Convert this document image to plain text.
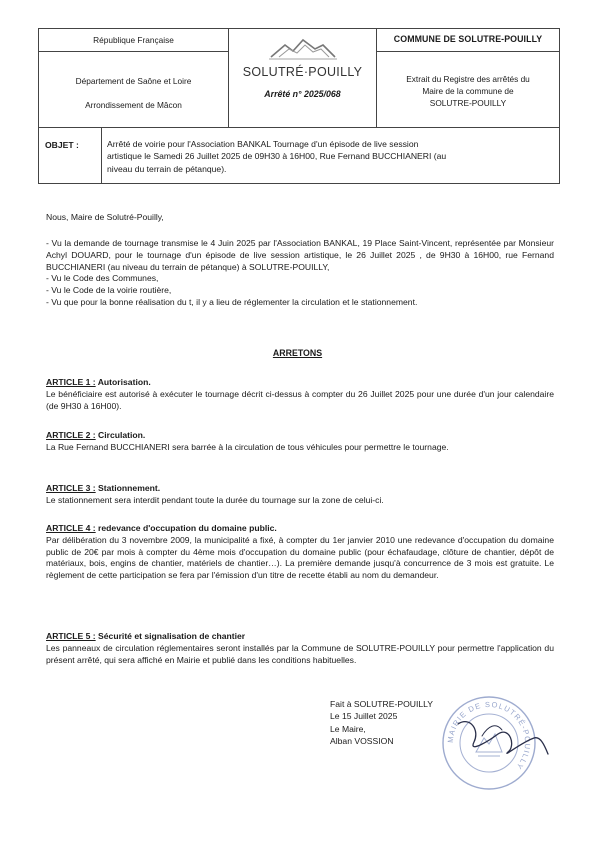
République Française
Département de Saône et Loire
Arrondissement de Mâcon
SOLUTRÉ·POUILLY
Arrêté n° 2025/068
COMMUNE DE SOLUTRE-POUILLY
Extrait du Registre des arrêtés du
Maire de la commune de
SOLUTRE-POUILLY
OBJET :	Arrêté de voirie pour l'Association BANKAL Tournage d'un épisode de live session
artistique le Samedi 26 Juillet 2025 de 09H30 à 16H00, Rue Fernand BUCCHIANERI (au
niveau du terrain de pétanque).
Nous, Maire de Solutré-Pouilly,

- Vu la demande de tournage transmise le 4 Juin 2025 par l'Association BANKAL, 19 Place Saint-Vincent, représentée par Monsieur Achyl DOUARD, pour le tournage d'un épisode de live session artistique, le 26 Juillet 2025 , de 9H30 à 16H00, rue Fernand BUCCHIANERI (au niveau du terrain de pétanque) à SOLUTRE-POUILLY,

- Vu le Code des Communes,

- Vu le Code de la voirie routière,

- Vu que pour la bonne réalisation du t, il y a lieu de réglementer la circulation et le stationnement.

ARRETONS
ARTICLE 1 : Autorisation.

Le bénéficiaire est autorisé à exécuter le tournage décrit ci-dessus à compter du 26 Juillet 2025 pour une durée d'un jour calendaire (de 9H30 à 16H00).

ARTICLE 2 : Circulation.

La Rue Fernand BUCCHIANERI sera barrée à la circulation de tous véhicules pour permettre le tournage.

ARTICLE 3 : Stationnement.

Le stationnement sera interdit pendant toute la durée du tournage sur la zone de celui-ci.

ARTICLE 4 : redevance d'occupation du domaine public.

Par délibération du 3 novembre 2009, la municipalité a fixé, à compter du 1er janvier 2010 une redevance d'occupation du domaine public de 20€ par mois à compter du 4ème mois d'occupation du domaine public (pour échafaudage, clôture de chantier, dépôt de matériaux, bois, engins de chantier, matériels de chantier…). La première demande jusqu'à concurrence de 3 mois est gratuite. Le règlement de cette participation se fera par l'émission d'un titre de recette établi au nom du demandeur.

ARTICLE 5 : Sécurité et signalisation de chantier

Les panneaux de circulation réglementaires seront installés par la Commune de SOLUTRE-POUILLY pour permettre l'application du présent arrêté, qui sera affiché en Mairie et publié dans les conditions habituelles.

Fait à SOLUTRE-POUILLY
Le 15 Juillet 2025
Le Maire,
Alban VOSSION	MAIRIE DE SOLUTRÉ-POUILLY
